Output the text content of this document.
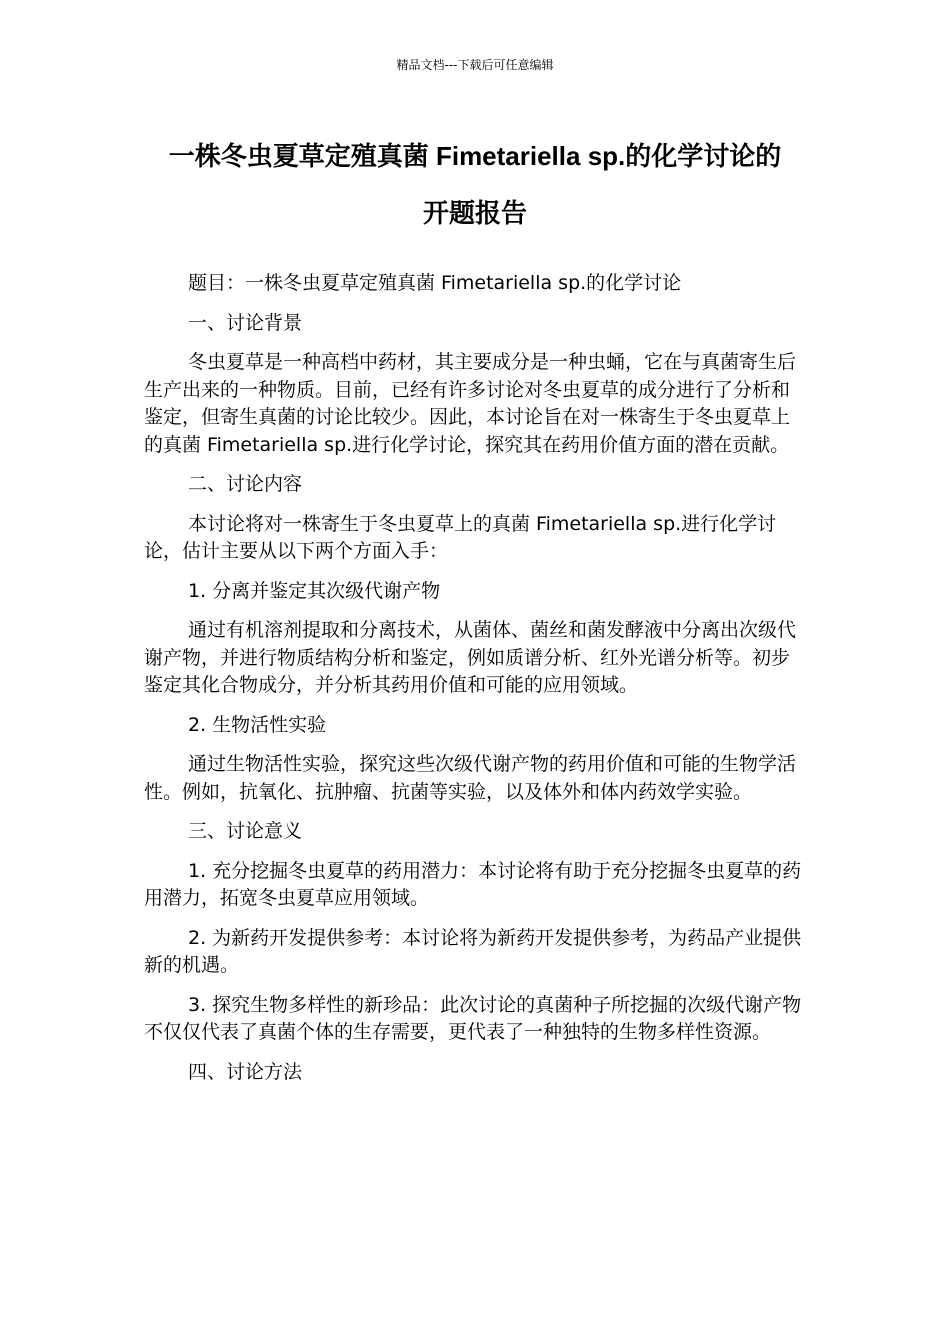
精品文档---下载后可任意编辑
一株冬虫夏草定殖真菌 Fimetariella sp.的化学讨论的
开题报告

题目：一株冬虫夏草定殖真菌 Fimetariella sp.的化学讨论

一、讨论背景

冬虫夏草是一种高档中药材，其主要成分是一种虫蛹，它在与真菌寄生后生产出来的一种物质。目前，已经有许多讨论对冬虫夏草的成分进行了分析和鉴定，但寄生真菌的讨论比较少。因此，本讨论旨在对一株寄生于冬虫夏草上的真菌 Fimetariella sp.进行化学讨论，探究其在药用价值方面的潜在贡献。

二、讨论内容

本讨论将对一株寄生于冬虫夏草上的真菌 Fimetariella sp.进行化学讨论，估计主要从以下两个方面入手：

1. 分离并鉴定其次级代谢产物

通过有机溶剂提取和分离技术，从菌体、菌丝和菌发酵液中分离出次级代谢产物，并进行物质结构分析和鉴定，例如质谱分析、红外光谱分析等。初步鉴定其化合物成分，并分析其药用价值和可能的应用领域。

2. 生物活性实验

通过生物活性实验，探究这些次级代谢产物的药用价值和可能的生物学活性。例如，抗氧化、抗肿瘤、抗菌等实验，以及体外和体内药效学实验。

三、讨论意义

1. 充分挖掘冬虫夏草的药用潜力：本讨论将有助于充分挖掘冬虫夏草的药用潜力，拓宽冬虫夏草应用领域。

2. 为新药开发提供参考：本讨论将为新药开发提供参考，为药品产业提供新的机遇。

3. 探究生物多样性的新珍品：此次讨论的真菌种子所挖掘的次级代谢产物不仅仅代表了真菌个体的生存需要，更代表了一种独特的生物多样性资源。

四、讨论方法
